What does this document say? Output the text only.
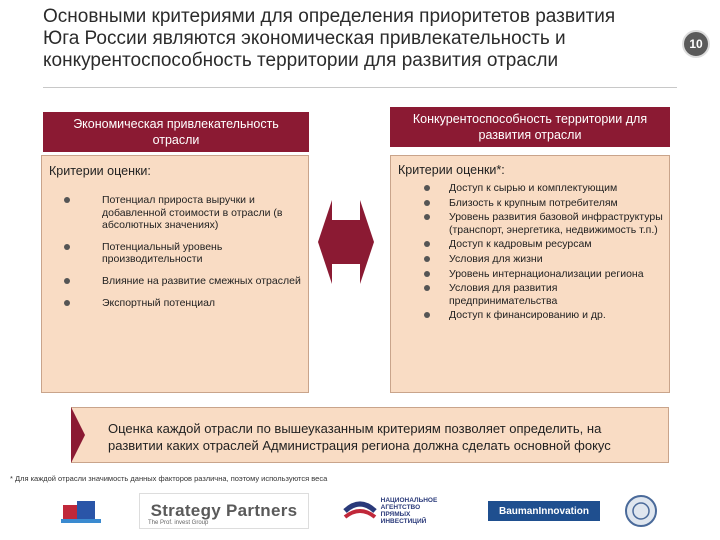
Основными критериями для определения приоритетов развития Юга России являются экономическая привлекательность и конкурентоспособность территории для развития отрасли
10
Экономическая привлекательность отрасли
Конкурентоспособность территории для развития отрасли
Критерии оценки:
Потенциал прироста выручки и добавленной стоимости в отрасли (в абсолютных значениях)
Потенциальный уровень производительности
Влияние на развитие смежных отраслей
Экспортный потенциал
Критерии оценки*:
Доступ к сырью и комплектующим
Близость к крупным потребителям
Уровень развития базовой инфраструктуры (транспорт, энергетика, недвижимость т.п.)
Доступ к кадровым ресурсам
Условия для жизни
Уровень интернационализации региона
Условия для развития предпринимательства
Доступ к финансированию и др.
Оценка каждой отрасли по вышеуказанным критериям позволяет определить, на развитии каких отраслей Администрация региона должна сделать основной фокус
* Для каждой отрасли значимость данных факторов различна, поэтому используются веса
Strategy Partners
The Prof. invest Group
НАЦИОНАЛЬНОЕ
АГЕНТСТВО
ПРЯМЫХ
ИНВЕСТИЦИЙ
BaumanInnovation
